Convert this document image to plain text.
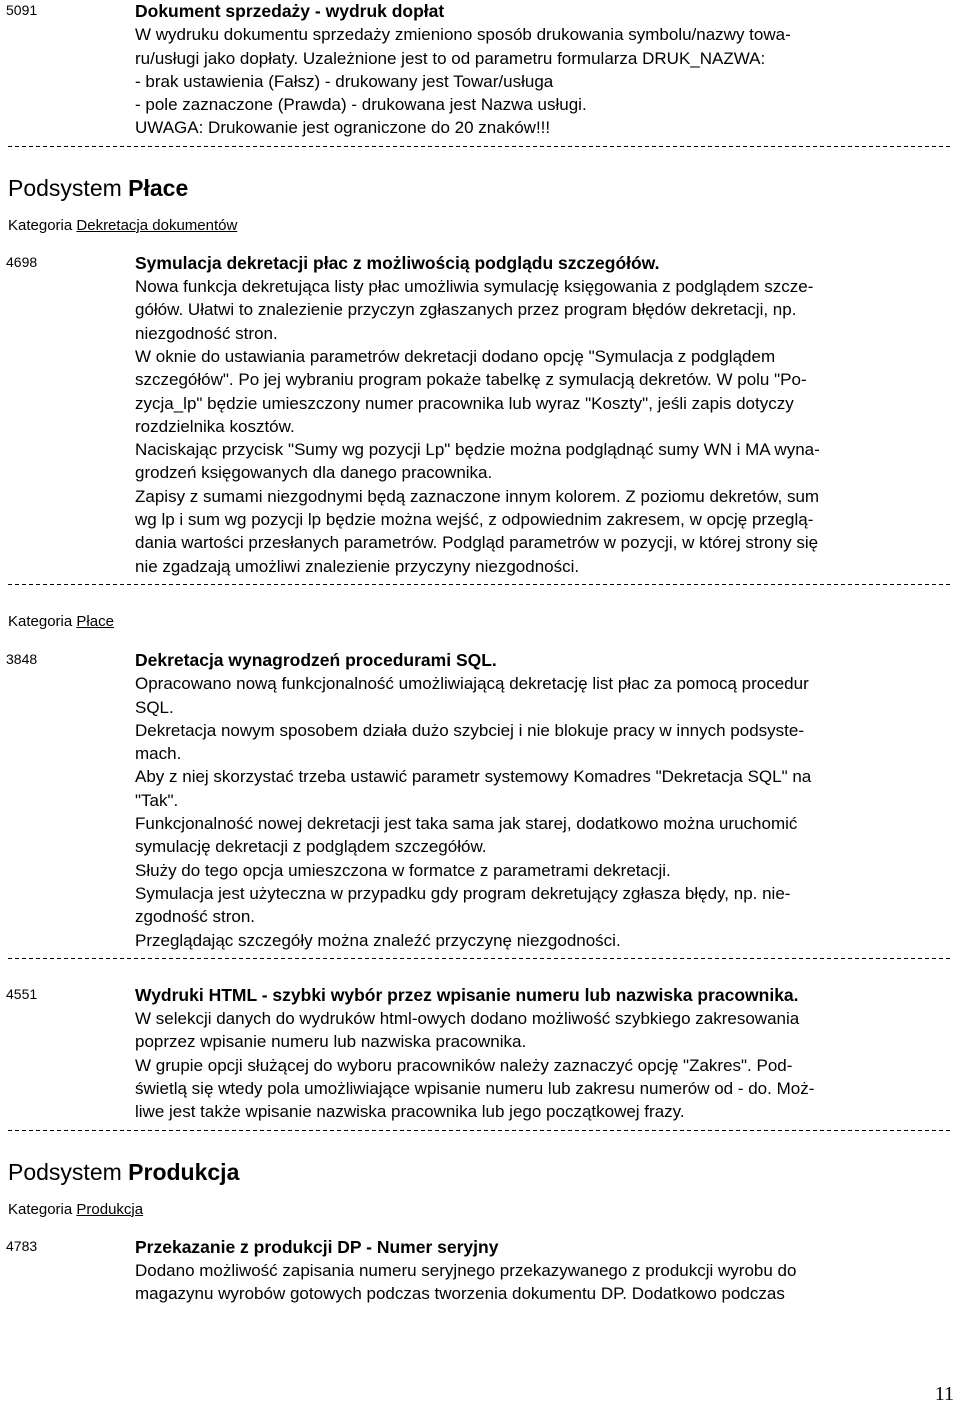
5091	Dokument sprzedaży - wydruk dopłat
W wydruku dokumentu sprzedaży zmieniono sposób drukowania symbolu/nazwy towa-
ru/usługi jako dopłaty. Uzależnione jest to od parametru formularza DRUK_NAZWA:
- brak ustawienia (Fałsz) - drukowany jest Towar/usługa
- pole zaznaczone (Prawda) - drukowana jest Nazwa usługi.
UWAGA: Drukowanie jest ograniczone do 20 znaków!!!
Podsystem Płace
Kategoria Dekretacja dokumentów
4698	Symulacja dekretacji płac z możliwością podglądu szczegółów.
Nowa funkcja dekretująca listy płac umożliwia symulację księgowania z podglądem szcze-
gółów. Ułatwi to znalezienie przyczyn zgłaszanych przez program błędów dekretacji, np.
niezgodność stron.
W oknie do ustawiania parametrów dekretacji dodano opcję "Symulacja z podglądem
szczegółów". Po jej wybraniu program pokaże tabelkę z symulacją dekretów. W polu "Po-
zycja_lp" będzie umieszczony numer pracownika lub wyraz "Koszty", jeśli zapis dotyczy
rozdzielnika kosztów.
Naciskając przycisk "Sumy wg pozycji Lp" będzie można podglądnąć sumy WN i MA wyna-
grodzeń księgowanych dla danego pracownika.
Zapisy z sumami niezgodnymi będą zaznaczone innym kolorem. Z poziomu dekretów, sum
wg lp i sum wg pozycji lp będzie można wejść, z odpowiednim zakresem, w opcję przeglą-
dania wartości przesłanych parametrów. Podgląd parametrów w pozycji, w której strony się
nie zgadzają umożliwi znalezienie przyczyny niezgodności.
Kategoria Płace
3848	Dekretacja wynagrodzeń procedurami SQL.
Opracowano nową funkcjonalność umożliwiającą dekretację list płac za pomocą procedur
SQL.
Dekretacja nowym sposobem działa dużo szybciej i nie blokuje pracy w innych podsyste-
mach.
Aby z niej skorzystać trzeba ustawić parametr systemowy Komadres "Dekretacja SQL" na
"Tak".
Funkcjonalność nowej dekretacji jest taka sama jak starej, dodatkowo można uruchomić
symulację dekretacji z podglądem szczegółów.
Służy do tego opcja umieszczona w formatce z parametrami dekretacji.
Symulacja jest użyteczna w przypadku gdy program dekretujący zgłasza błędy, np. nie-
zgodność stron.
Przeglądając szczegóły można znaleźć przyczynę niezgodności.
4551	Wydruki HTML - szybki wybór przez wpisanie numeru lub nazwiska pracownika.
W selekcji danych do wydruków html-owych dodano możliwość szybkiego zakresowania
poprzez wpisanie numeru lub nazwiska pracownika.
W grupie opcji służącej do wyboru pracowników należy zaznaczyć opcję "Zakres". Pod-
świetlą się wtedy pola umożliwiające wpisanie numeru lub zakresu numerów od - do. Moż-
liwe jest także wpisanie nazwiska pracownika lub jego początkowej frazy.
Podsystem Produkcja
Kategoria Produkcja
4783	Przekazanie z produkcji DP - Numer seryjny
Dodano możliwość zapisania numeru seryjnego przekazywanego z produkcji wyrobu do
magazynu wyrobów gotowych podczas tworzenia dokumentu DP. Dodatkowo podczas
11
